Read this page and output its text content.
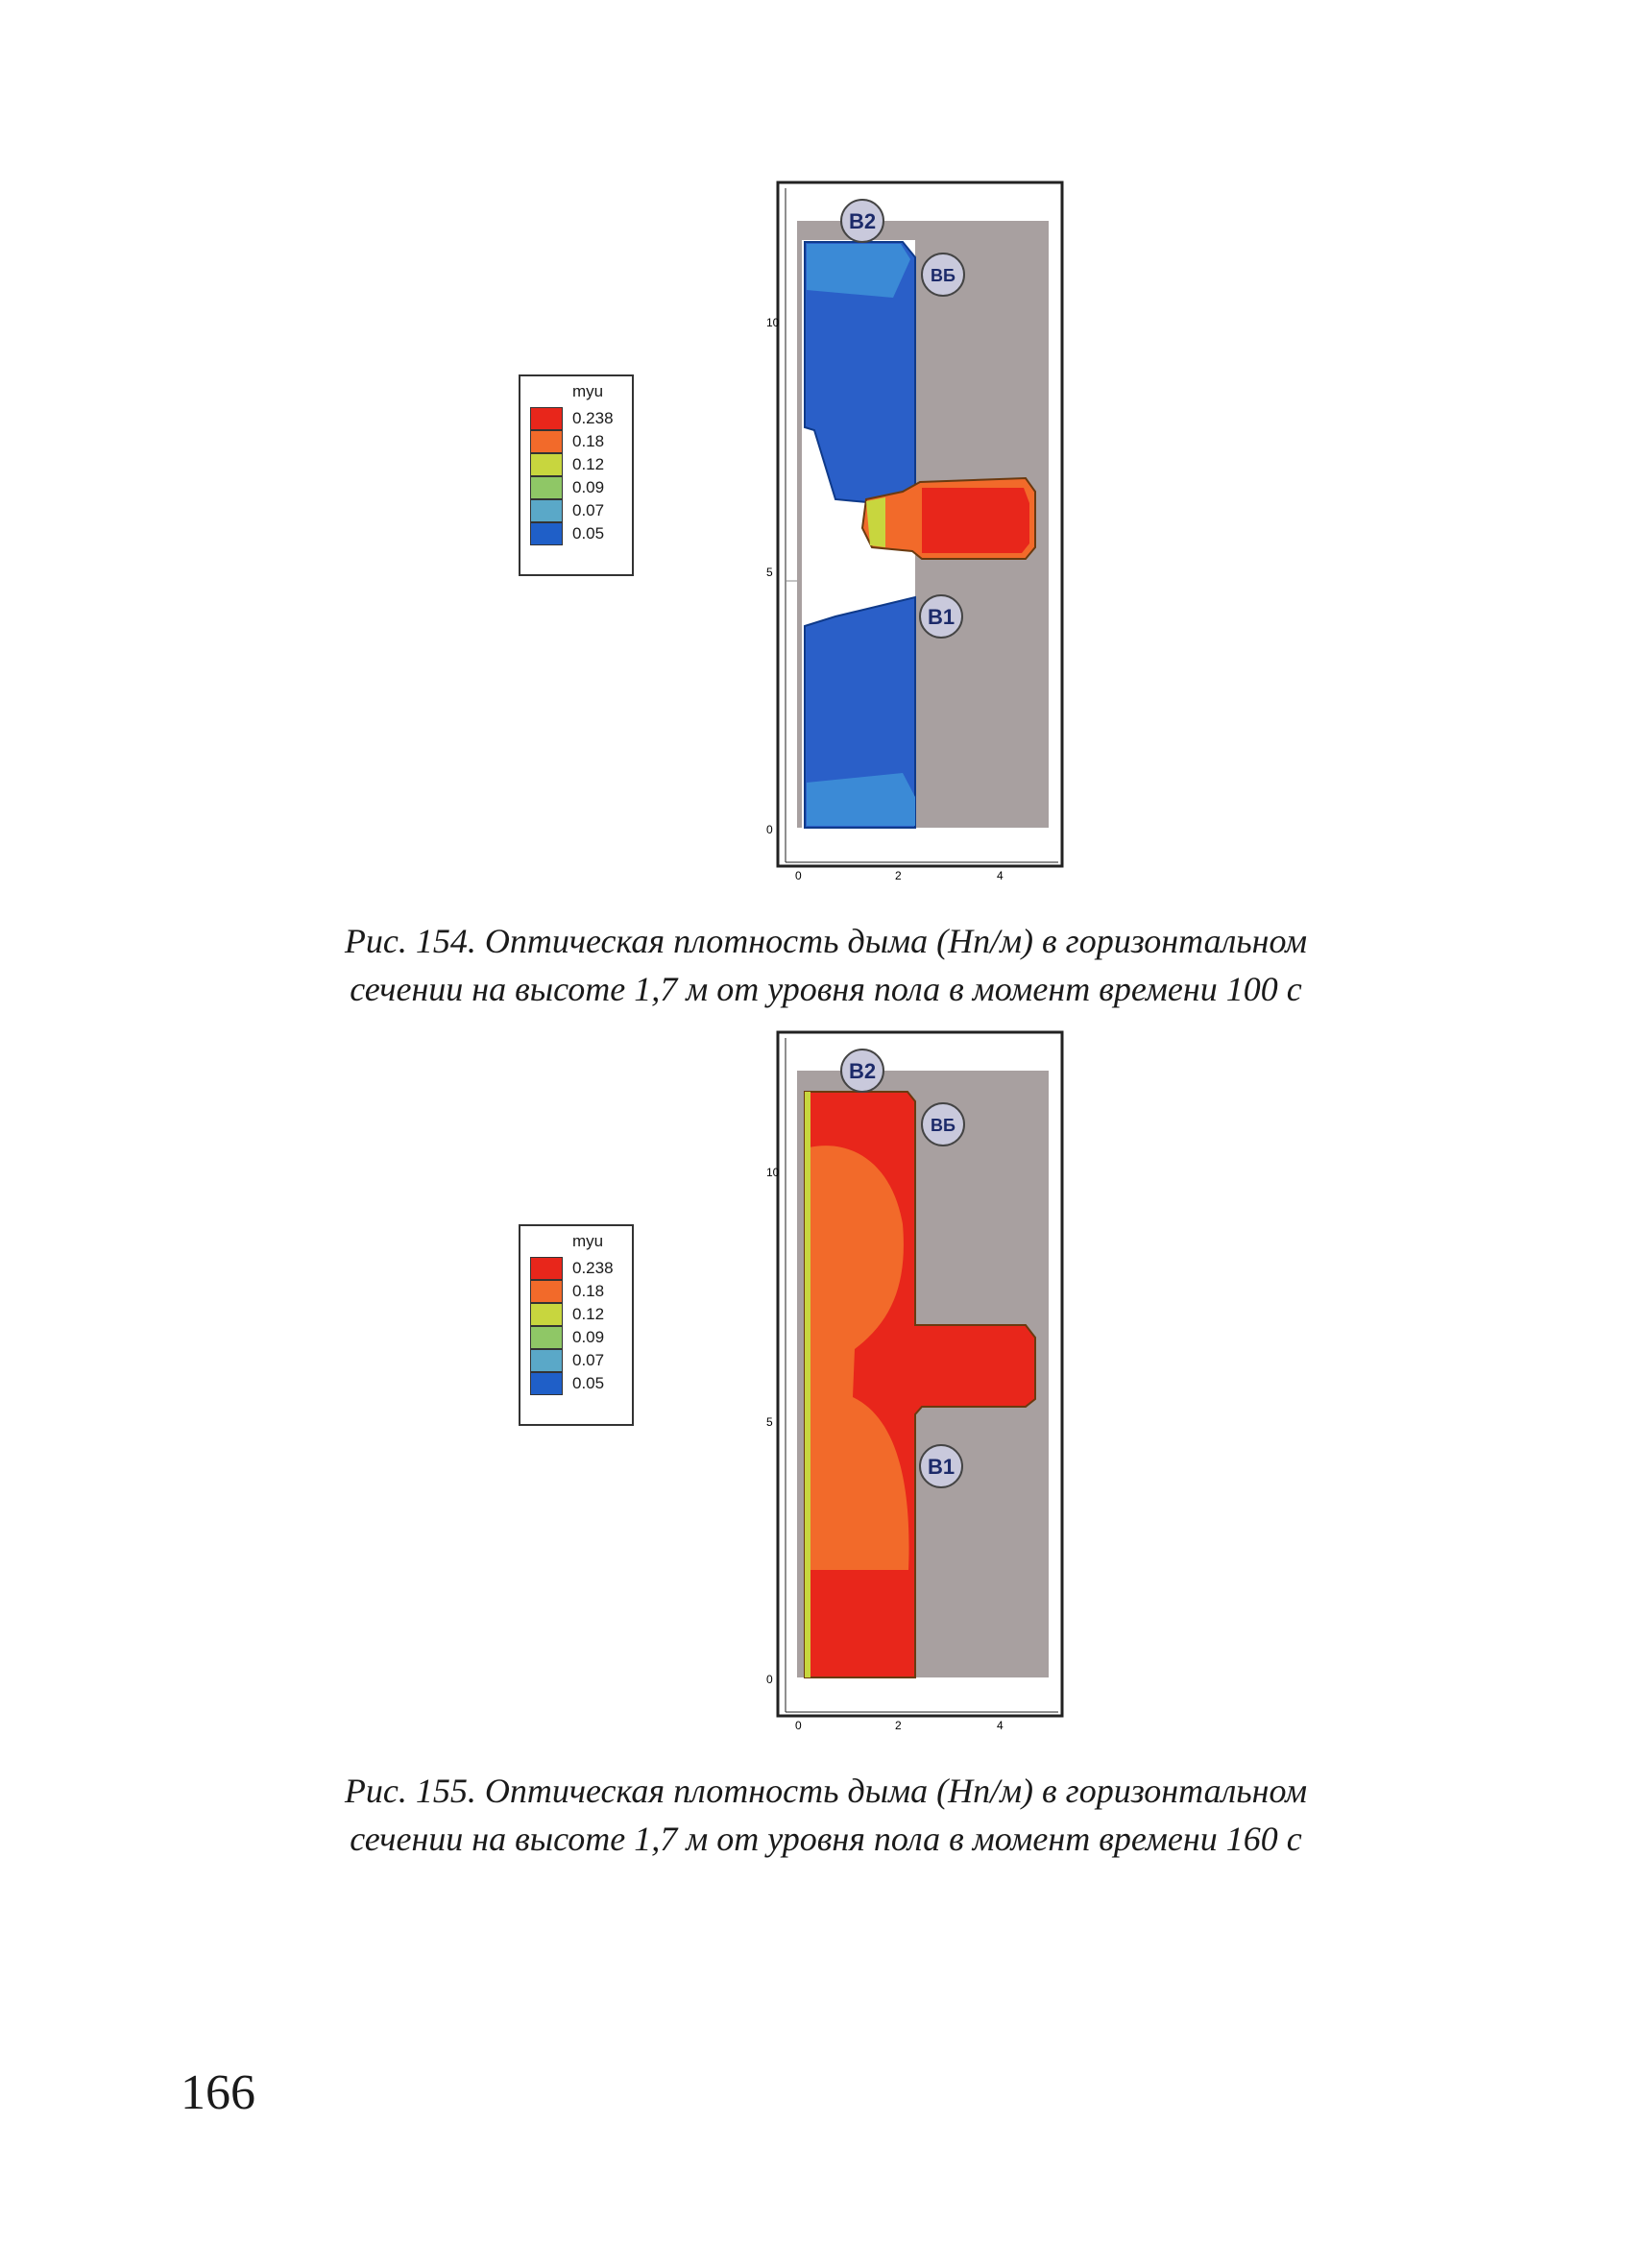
myu
0.238
0.18
0.12
0.09
0.07
0.05
10
5
0
0	2	4
B2
ВБ
B1
Рис. 154. Оптическая плотность дыма (Нп/м) в горизонтальном
сечении на высоте 1,7 м от уровня пола в момент времени 100 с
myu
0.238
0.18
0.12
0.09
0.07
0.05
10
5
0
0	2	4
B2
ВБ
B1
Рис. 155. Оптическая плотность дыма (Нп/м) в горизонтальном
сечении на высоте 1,7 м от уровня пола в момент времени 160 с
166
